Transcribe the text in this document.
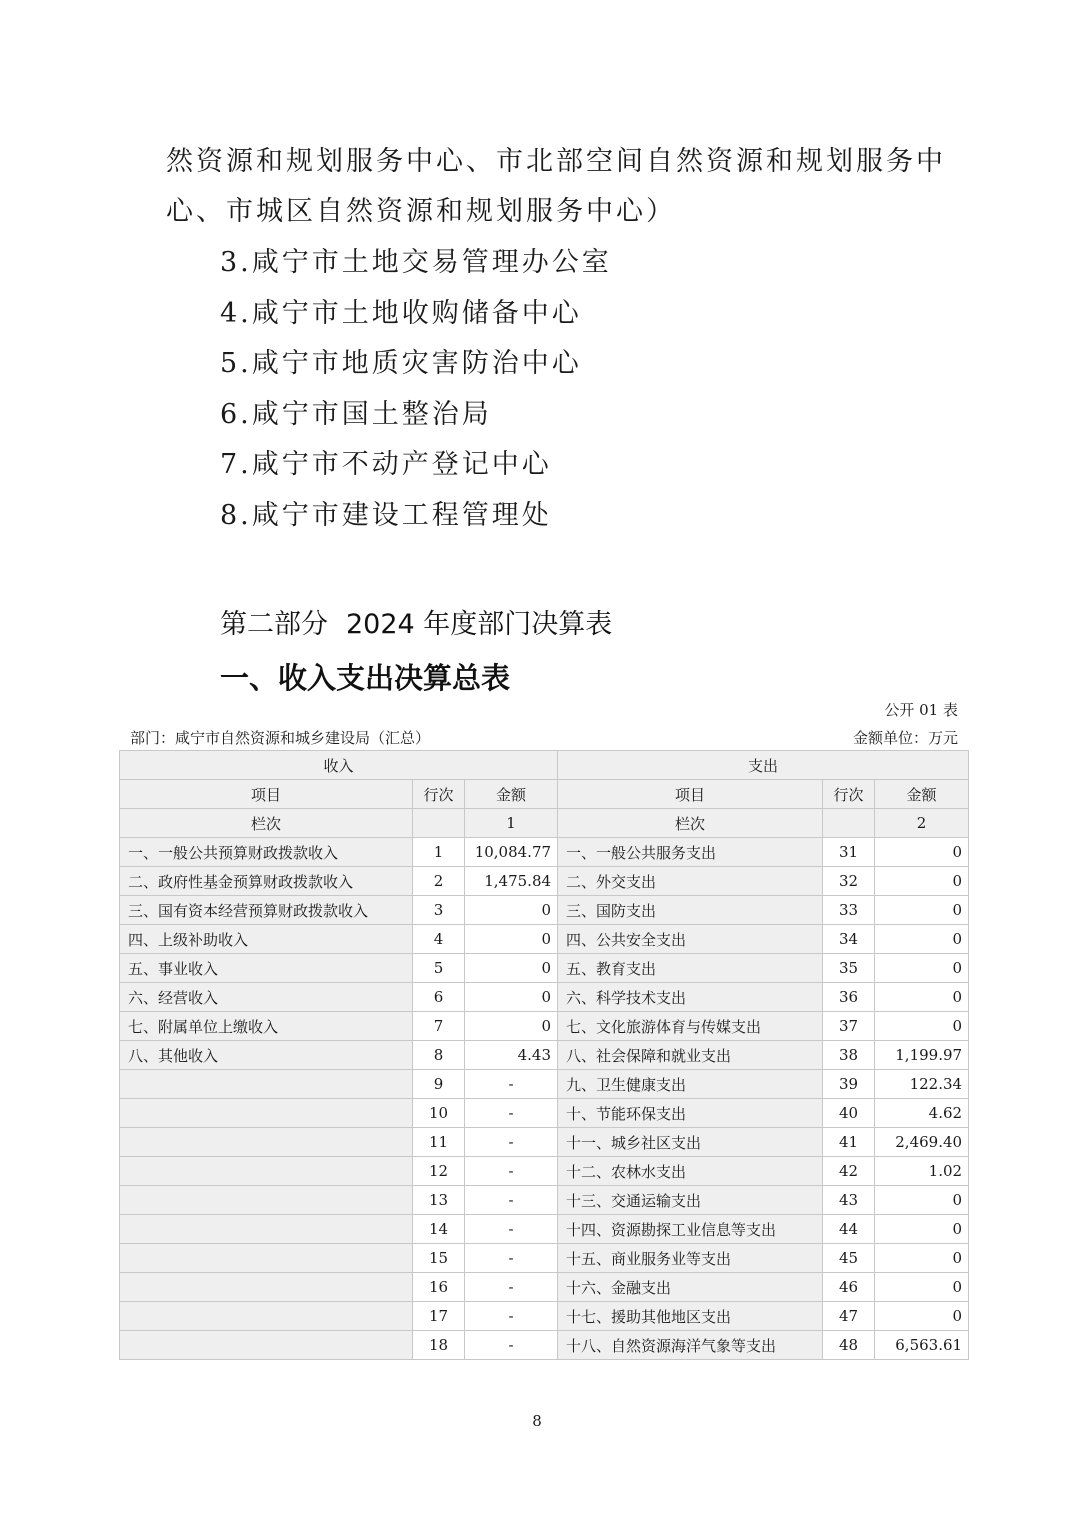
然资源和规划服务中心、市北部空间自然资源和规划服务中
心、市城区自然资源和规划服务中心）
3.咸宁市土地交易管理办公室
4.咸宁市土地收购储备中心
5.咸宁市地质灾害防治中心
6.咸宁市国土整治局
7.咸宁市不动产登记中心
8.咸宁市建设工程管理处
第二部分 2024 年度部门决算表
一、收入支出决算总表
公开 01 表
部门：咸宁市自然资源和城乡建设局（汇总）	金额单位：万元
收入			支出		
项目	行次	金额	项目	行次	金额
栏次		1	栏次		2
一、一般公共预算财政拨款收入	1	10,084.77	一、一般公共服务支出	31	0
二、政府性基金预算财政拨款收入	2	1,475.84	二、外交支出	32	0
三、国有资本经营预算财政拨款收入	3	0	三、国防支出	33	0
四、上级补助收入	4	0	四、公共安全支出	34	0
五、事业收入	5	0	五、教育支出	35	0
六、经营收入	6	0	六、科学技术支出	36	0
七、附属单位上缴收入	7	0	七、文化旅游体育与传媒支出	37	0
八、其他收入	8	4.43	八、社会保障和就业支出	38	1,199.97
	9	-	九、卫生健康支出	39	122.34
	10	-	十、节能环保支出	40	4.62
	11	-	十一、城乡社区支出	41	2,469.40
	12	-	十二、农林水支出	42	1.02
	13	-	十三、交通运输支出	43	0
	14	-	十四、资源勘探工业信息等支出	44	0
	15	-	十五、商业服务业等支出	45	0
	16	-	十六、金融支出	46	0
	17	-	十七、援助其他地区支出	47	0
	18	-	十八、自然资源海洋气象等支出	48	6,563.61
8
